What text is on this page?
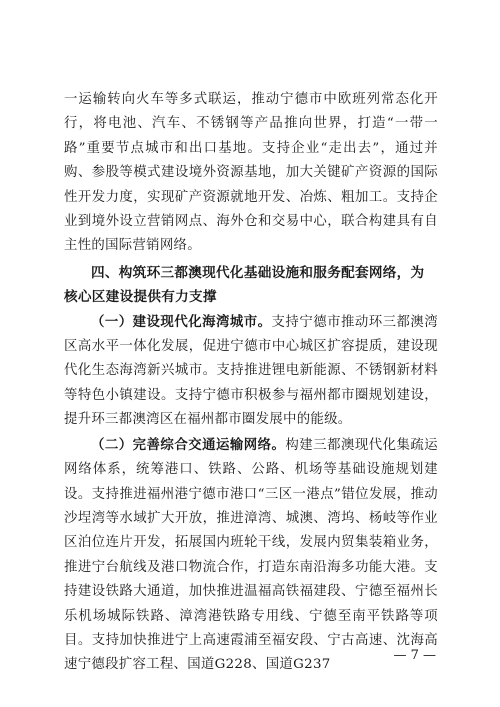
一运输转向火车等多式联运，推动宁德市中欧班列常态化开行，将电池、汽车、不锈钢等产品推向世界，打造“一带一路”重要节点城市和出口基地。支持企业“走出去”，通过并购、参股等模式建设境外资源基地，加大关键矿产资源的国际性开发力度，实现矿产资源就地开发、冶炼、粗加工。支持企业到境外设立营销网点、海外仓和交易中心，联合构建具有自主性的国际营销网络。

四、构筑环三都澳现代化基础设施和服务配套网络，为核心区建设提供有力支撑

（一）建设现代化海湾城市。支持宁德市推动环三都澳湾区高水平一体化发展，促进宁德市中心城区扩容提质，建设现代化生态海湾新兴城市。支持推进锂电新能源、不锈钢新材料等特色小镇建设。支持宁德市积极参与福州都市圈规划建设，提升环三都澳湾区在福州都市圈发展中的能级。

（二）完善综合交通运输网络。构建三都澳现代化集疏运网络体系，统筹港口、铁路、公路、机场等基础设施规划建设。支持推进福州港宁德市港口“三区一港点”错位发展，推动沙埕湾等水域扩大开放，推进漳湾、城澳、湾坞、杨岐等作业区泊位连片开发，拓展国内班轮干线，发展内贸集装箱业务，推进宁台航线及港口物流合作，打造东南沿海多功能大港。支持建设铁路大通道，加快推进温福高铁福建段、宁德至福州长乐机场城际铁路、漳湾港铁路专用线、宁德至南平铁路等项目。支持加快推进宁上高速霞浦至福安段、宁古高速、沈海高速宁德段扩容工程、国道G228、国道G237

— 7 —
